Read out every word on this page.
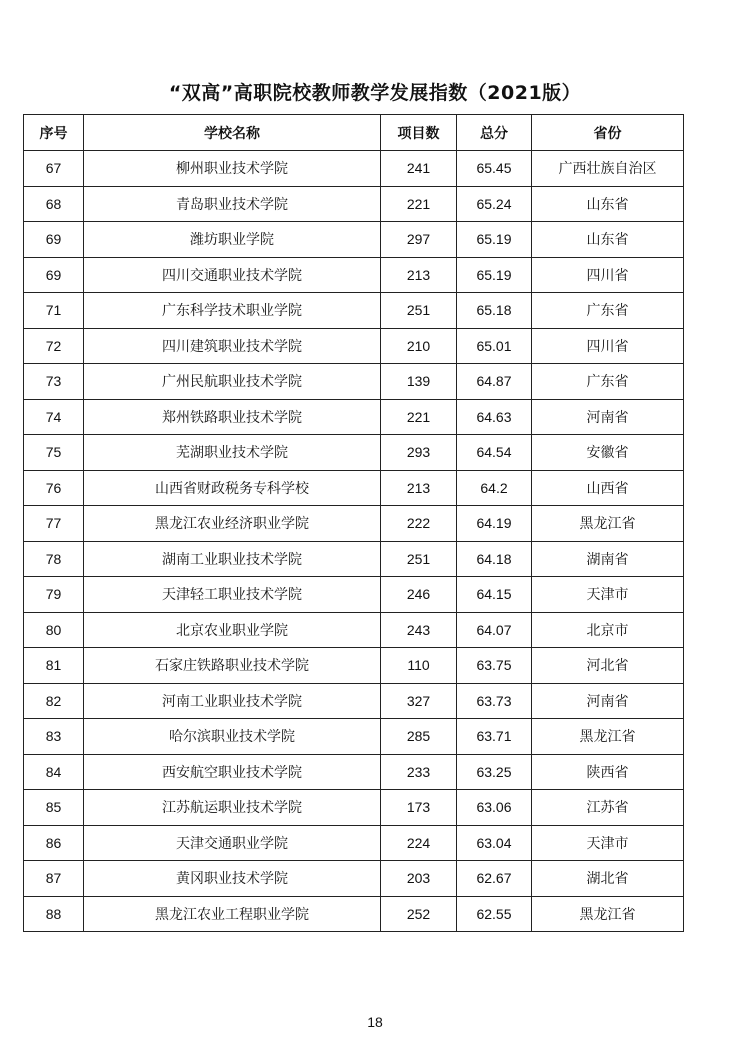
“双高”高职院校教师教学发展指数（2021版）
序号	学校名称	项目数	总分	省份
67	柳州职业技术学院	241	65.45	广西壮族自治区
68	青岛职业技术学院	221	65.24	山东省
69	潍坊职业学院	297	65.19	山东省
69	四川交通职业技术学院	213	65.19	四川省
71	广东科学技术职业学院	251	65.18	广东省
72	四川建筑职业技术学院	210	65.01	四川省
73	广州民航职业技术学院	139	64.87	广东省
74	郑州铁路职业技术学院	221	64.63	河南省
75	芜湖职业技术学院	293	64.54	安徽省
76	山西省财政税务专科学校	213	64.2	山西省
77	黑龙江农业经济职业学院	222	64.19	黑龙江省
78	湖南工业职业技术学院	251	64.18	湖南省
79	天津轻工职业技术学院	246	64.15	天津市
80	北京农业职业学院	243	64.07	北京市
81	石家庄铁路职业技术学院	110	63.75	河北省
82	河南工业职业技术学院	327	63.73	河南省
83	哈尔滨职业技术学院	285	63.71	黑龙江省
84	西安航空职业技术学院	233	63.25	陕西省
85	江苏航运职业技术学院	173	63.06	江苏省
86	天津交通职业学院	224	63.04	天津市
87	黄冈职业技术学院	203	62.67	湖北省
88	黑龙江农业工程职业学院	252	62.55	黑龙江省
18
